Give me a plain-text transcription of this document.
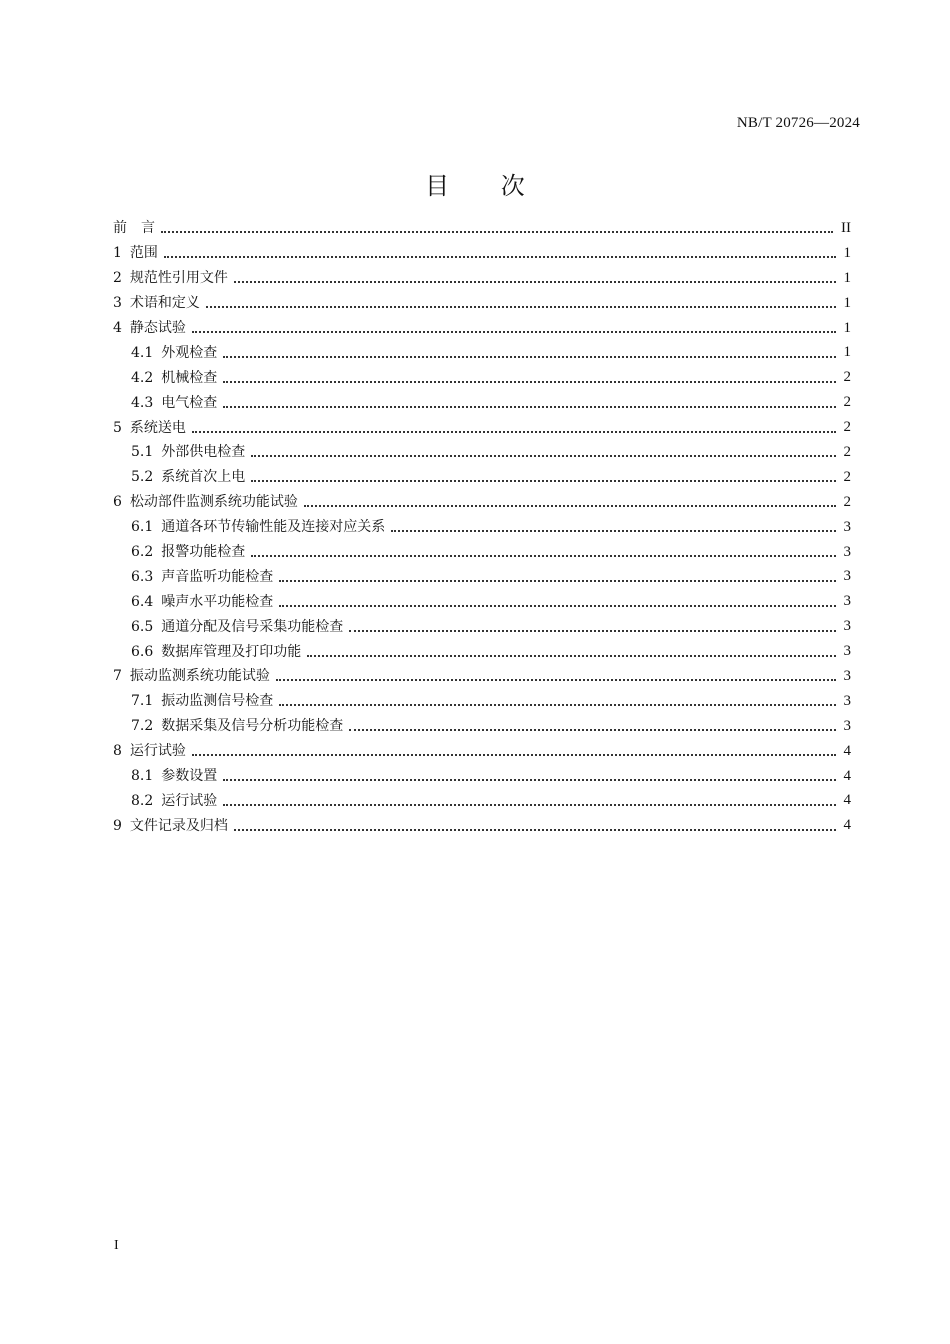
NB/T 20726—2024
目 次
前　言	II
1 范围	1
2 规范性引用文件	1
3 术语和定义	1
4 静态试验	1
4.1 外观检查	1
4.2 机械检查	2
4.3 电气检查	2
5 系统送电	2
5.1 外部供电检查	2
5.2 系统首次上电	2
6 松动部件监测系统功能试验	2
6.1 通道各环节传输性能及连接对应关系	3
6.2 报警功能检查	3
6.3 声音监听功能检查	3
6.4 噪声水平功能检查	3
6.5 通道分配及信号采集功能检查	3
6.6 数据库管理及打印功能	3
7 振动监测系统功能试验	3
7.1 振动监测信号检查	3
7.2 数据采集及信号分析功能检查	3
8 运行试验	4
8.1 参数设置	4
8.2 运行试验	4
9 文件记录及归档	4
I
